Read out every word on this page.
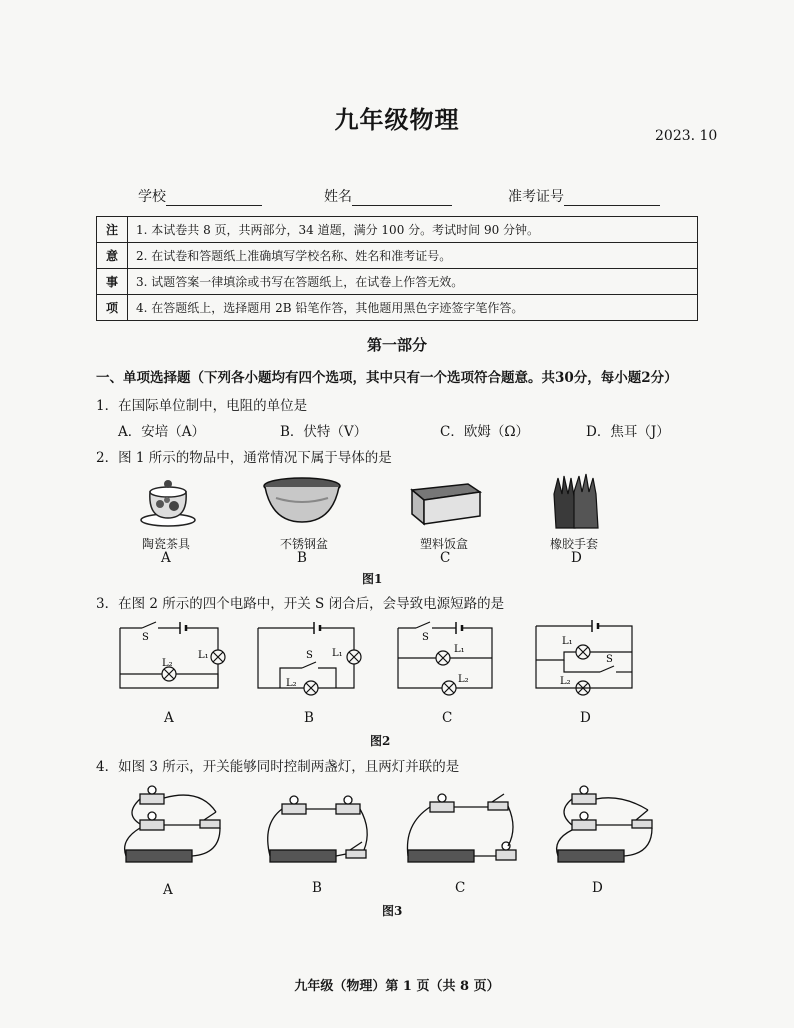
九年级物理
2023. 10
学校	姓名	准考证号
注	1. 本试卷共 8 页，共两部分，34 道题，满分 100 分。考试时间 90 分钟。
意	2. 在试卷和答题纸上准确填写学校名称、姓名和准考证号。
事	3. 试题答案一律填涂或书写在答题纸上，在试卷上作答无效。
项	4. 在答题纸上，选择题用 2B 铅笔作答，其他题用黑色字迹签字笔作答。
第一部分
一、单项选择题（下列各小题均有四个选项，其中只有一个选项符合题意。共30分，每小题2分）
1．在国际单位制中，电阻的单位是
A．安培（A）	B．伏特（V）	C．欧姆（Ω）	D．焦耳（J）
2．图 1 所示的物品中，通常情况下属于导体的是
陶瓷茶具	不锈钢盆	塑料饭盒	橡胶手套
A	B	C	D
图1
3．在图 2 所示的四个电路中，开关 S 闭合后，会导致电源短路的是
S
L₁
L₂
S L₁
L₂
S
L₁
L₂
L₁
S
L₂
A	B	C	D
图2
4．如图 3 所示，开关能够同时控制两盏灯，且两灯并联的是
A	B	C	D
图3
九年级（物理）第 1 页（共 8 页）
